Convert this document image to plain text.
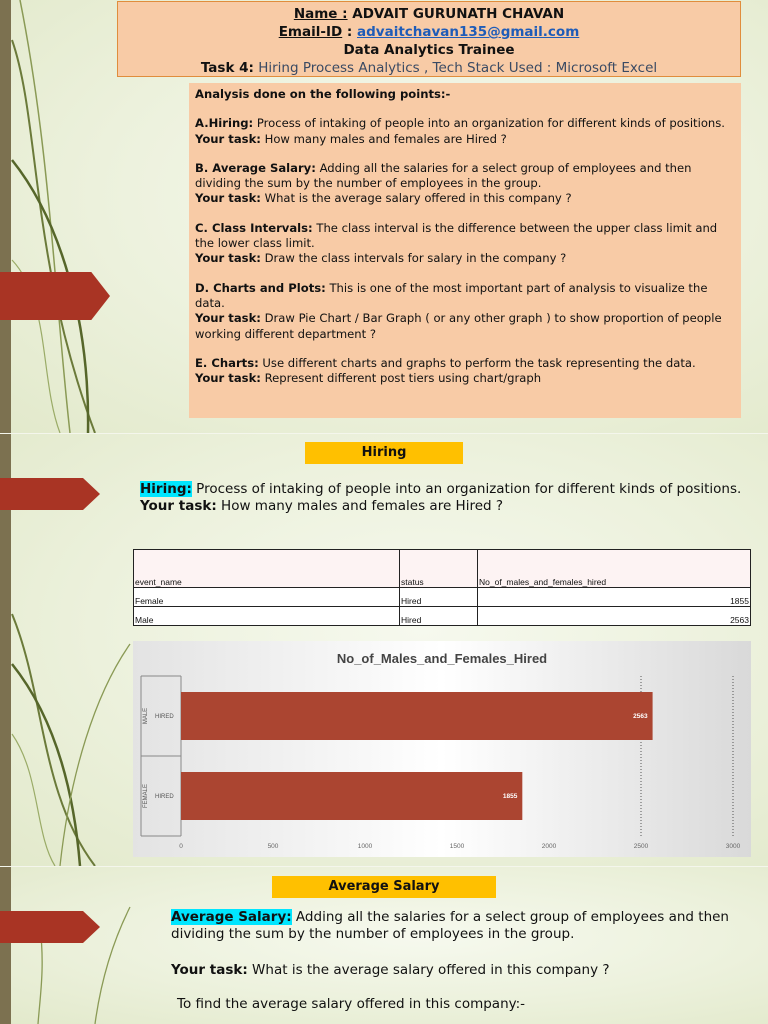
Name : ADVAIT GURUNATH CHAVAN
Email-ID : advaitchavan135@gmail.com
Data Analytics Trainee
Task 4: Hiring Process Analytics , Tech Stack Used : Microsoft Excel

Analysis done on the following points:-

A.Hiring: Process of intaking of people into an organization for different kinds of positions.
Your task: How many males and females are Hired ?

B. Average Salary: Adding all the salaries for a select group of employees and then dividing the sum by the number of employees in the group.
Your task: What is the average salary offered in this company ?

C. Class Intervals: The class interval is the difference between the upper class limit and the lower class limit.
Your task: Draw the class intervals for salary in the company ?

D. Charts and Plots: This is one of the most important part of analysis to visualize the data.
Your task: Draw Pie Chart / Bar Graph ( or any other graph ) to show proportion of people working different department ?

E. Charts: Use different charts and graphs to perform the task representing the data.
Your task: Represent different post tiers using chart/graph

Hiring
Hiring: Process of intaking of people into an organization for different kinds of positions.
Your task: How many males and females are Hired ?
event_name	status	No_of_males_and_females_hired
Female	Hired	1855
Male	Hired	2563
No_of_Males_and_Females_Hired
2563
HIRED
MALE
1855
HIRED
FEMALE
0	500	1000	1500	2000	2500	3000
Average Salary
Average Salary: Adding all the salaries for a select group of employees and then dividing the sum by the number of employees in the group.
Your task: What is the average salary offered in this company ?
To find the average salary offered in this company:-
